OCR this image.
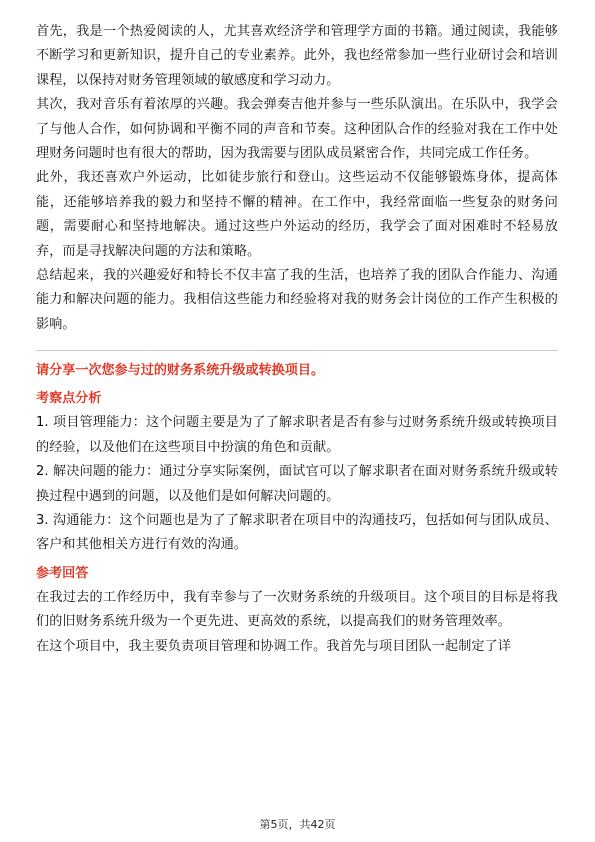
首先，我是一个热爱阅读的人，尤其喜欢经济学和管理学方面的书籍。通过阅读，我能够不断学习和更新知识，提升自己的专业素养。此外，我也经常参加一些行业研讨会和培训课程，以保持对财务管理领域的敏感度和学习动力。

其次，我对音乐有着浓厚的兴趣。我会弹奏吉他并参与一些乐队演出。在乐队中，我学会了与他人合作，如何协调和平衡不同的声音和节奏。这种团队合作的经验对我在工作中处理财务问题时也有很大的帮助，因为我需要与团队成员紧密合作，共同完成工作任务。

此外，我还喜欢户外运动，比如徒步旅行和登山。这些运动不仅能够锻炼身体，提高体能，还能够培养我的毅力和坚持不懈的精神。在工作中，我经常面临一些复杂的财务问题，需要耐心和坚持地解决。通过这些户外运动的经历，我学会了面对困难时不轻易放弃，而是寻找解决问题的方法和策略。

总结起来，我的兴趣爱好和特长不仅丰富了我的生活，也培养了我的团队合作能力、沟通能力和解决问题的能力。我相信这些能力和经验将对我的财务会计岗位的工作产生积极的影响。

请分享一次您参与过的财务系统升级或转换项目。

考察点分析

1. 项目管理能力：这个问题主要是为了了解求职者是否有参与过财务系统升级或转换项目的经验，以及他们在这些项目中扮演的角色和贡献。

2. 解决问题的能力：通过分享实际案例，面试官可以了解求职者在面对财务系统升级或转换过程中遇到的问题，以及他们是如何解决问题的。

3. 沟通能力：这个问题也是为了了解求职者在项目中的沟通技巧，包括如何与团队成员、客户和其他相关方进行有效的沟通。

参考回答

在我过去的工作经历中，我有幸参与了一次财务系统的升级项目。这个项目的目标是将我们的旧财务系统升级为一个更先进、更高效的系统，以提高我们的财务管理效率。

在这个项目中，我主要负责项目管理和协调工作。我首先与项目团队一起制定了详

第5页，共42页
